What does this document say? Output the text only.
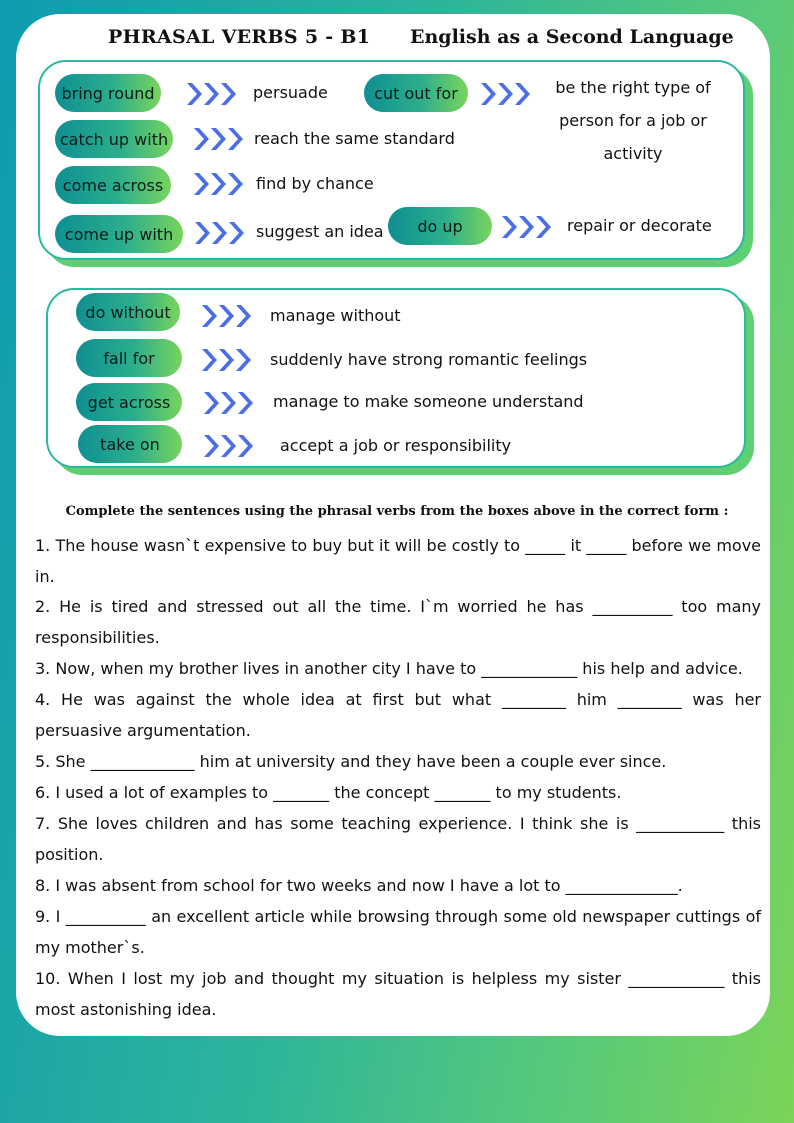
PHRASAL VERBS 5 - B1 English as a Second Language
bring round	persuade	cut out for	be the right type of person for a job or activity
catch up with	reach the same standard
come across	find by chance
come up with	suggest an idea	do up	repair or decorate
do without	manage without
fall for	suddenly have strong romantic feelings
get across	manage to make someone understand
take on	accept a job or responsibility
Complete the sentences using the phrasal verbs from the boxes above in the correct form :
1. The house wasn`t expensive to buy but it will be costly to _____ it _____ before we move in.
2. He is tired and stressed out all the time. I`m worried he has __________ too many responsibilities.
3. Now, when my brother lives in another city I have to ____________ his help and advice.
4. He was against the whole idea at first but what ________ him ________ was her persuasive argumentation.
5. She _____________ him at university and they have been a couple ever since.
6. I used a lot of examples to _______ the concept _______ to my students.
7. She loves children and has some teaching experience. I think she is ___________ this position.
8. I was absent from school for two weeks and now I have a lot to ______________.
9. I __________ an excellent article while browsing through some old newspaper cuttings of my mother`s.
10. When I lost my job and thought my situation is helpless my sister ____________ this most astonishing idea.
